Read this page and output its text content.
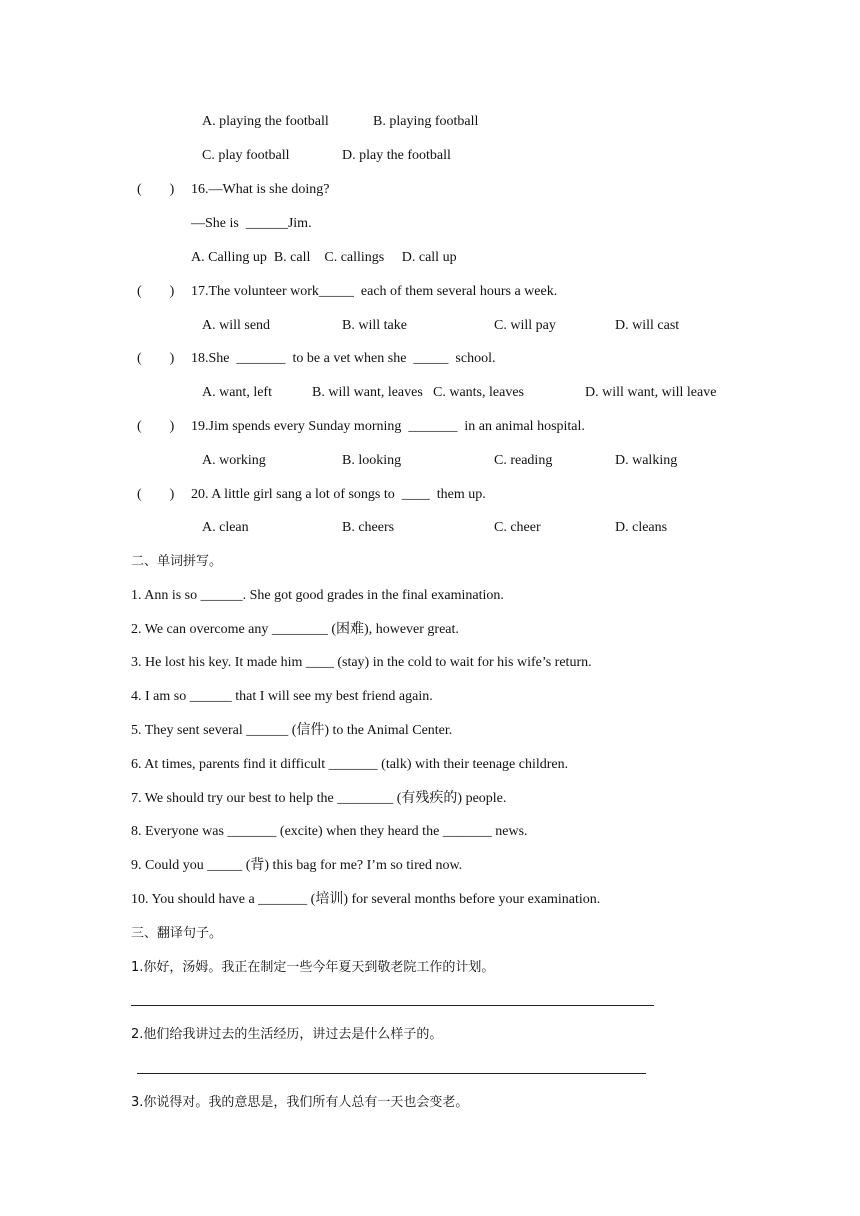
A. playing the football	B. playing football
C. play football	D. play the football
(　　) 16.—What is she doing?
—She is  ______Jim.
A. Calling up  B. call    C. callings     D. call up
(　　) 17.The volunteer work_____  each of them several hours a week.
A. will send	B. will take	C. will pay	D. will cast
(　　) 18.She  _______  to be a vet when she  _____  school.
A. want, left	B. will want, leaves C. wants, leaves	D. will want, will leave
(　　) 19.Jim spends every Sunday morning  _______  in an animal hospital.
A. working	B. looking	C. reading	D. walking
(　　) 20. A little girl sang a lot of songs to  ____  them up.
A. clean	B. cheers	C. cheer	D. cleans
二、单词拼写。
1. Ann is so ______. She got good grades in the final examination.
2. We can overcome any ________ (困难), however great.
3. He lost his key. It made him ____ (stay) in the cold to wait for his wife’s return.
4. I am so ______ that I will see my best friend again.
5. They sent several ______ (信件) to the Animal Center.
6. At times, parents find it difficult _______ (talk) with their teenage children.
7. We should try our best to help the ________ (有残疾的) people.
8. Everyone was _______ (excite) when they heard the _______ news.
9. Could you _____ (背) this bag for me? I’m so tired now.
10. You should have a _______ (培训) for several months before your examination.
三、翻译句子。
1.你好，汤姆。我正在制定一些今年夏天到敬老院工作的计划。
2.他们给我讲过去的生活经历，讲过去是什么样子的。
3.你说得对。我的意思是，我们所有人总有一天也会变老。
